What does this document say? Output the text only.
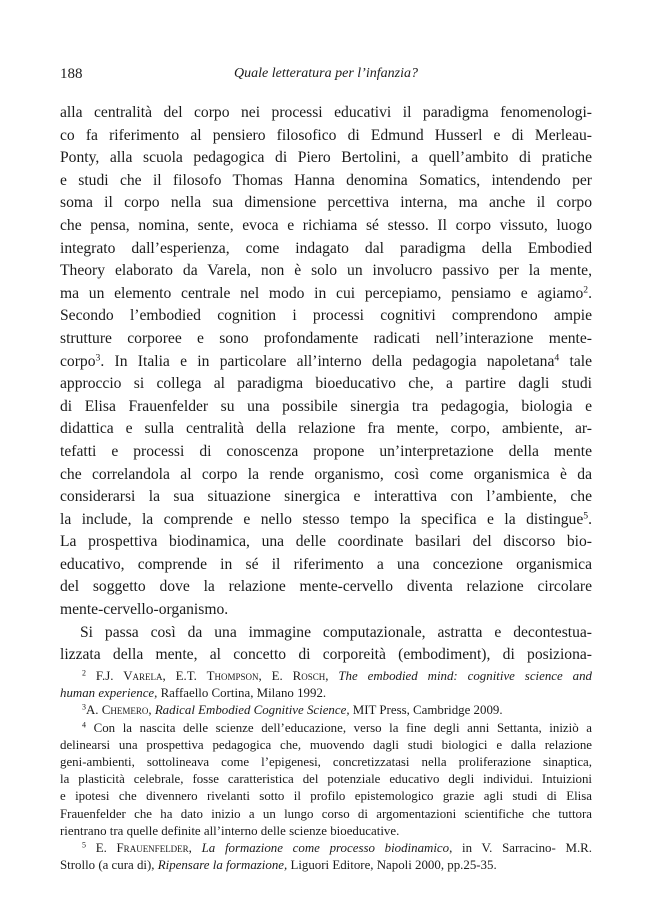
188	Quale letteratura per l’infanzia?
alla centralità del corpo nei processi educativi il paradigma fenomenologi-
co fa riferimento al pensiero filosofico di Edmund Husserl e di Merleau-
Ponty, alla scuola pedagogica di Piero Bertolini, a quell’ambito di pratiche
e studi che il filosofo Thomas Hanna denomina Somatics, intendendo per
soma il corpo nella sua dimensione percettiva interna, ma anche il corpo
che pensa, nomina, sente, evoca e richiama sé stesso. Il corpo vissuto, luogo
integrato dall’esperienza, come indagato dal paradigma della Embodied
Theory elaborato da Varela, non è solo un involucro passivo per la mente,
ma un elemento centrale nel modo in cui percepiamo, pensiamo e agiamo$^2$.
Secondo l’embodied cognition i processi cognitivi comprendono ampie
strutture corporee e sono profondamente radicati nell’interazione mente-
corpo$^3$. In Italia e in particolare all’interno della pedagogia napoletana$^4$ tale
approccio si collega al paradigma bioeducativo che, a partire dagli studi
di Elisa Frauenfelder su una possibile sinergia tra pedagogia, biologia e
didattica e sulla centralità della relazione fra mente, corpo, ambiente, ar-
tefatti e processi di conoscenza propone un’interpretazione della mente
che correlandola al corpo la rende organismo, così come organismica è da
considerarsi la sua situazione sinergica e interattiva con l’ambiente, che
la include, la comprende e nello stesso tempo la specifica e la distingue$^5$.
La prospettiva biodinamica, una delle coordinate basilari del discorso bio-
educativo, comprende in sé il riferimento a una concezione organismica
del soggetto dove la relazione mente-cervello diventa relazione circolare
mente-cervello-organismo.
Si passa così da una immagine computazionale, astratta e decontestua-
lizzata della mente, al concetto di corporeità (embodiment), di posiziona-
$^2$ F.J. Varela, E.T. Thompson, E. Rosch, The embodied mind: cognitive science and
human experience, Raffaello Cortina, Milano 1992.
$^3$A. Chemero, Radical Embodied Cognitive Science, MIT Press, Cambridge 2009.
$^4$ Con la nascita delle scienze dell’educazione, verso la fine degli anni Settanta, iniziò a
delinearsi una prospettiva pedagogica che, muovendo dagli studi biologici e dalla relazione
geni-ambienti, sottolineava come l’epigenesi, concretizzatasi nella proliferazione sinaptica,
la plasticità celebrale, fosse caratteristica del potenziale educativo degli individui. Intuizioni
e ipotesi che divennero rivelanti sotto il profilo epistemologico grazie agli studi di Elisa
Frauenfelder che ha dato inizio a un lungo corso di argomentazioni scientifiche che tuttora
rientrano tra quelle definite all’interno delle scienze bioeducative.
$^5$ E. Frauenfelder, La formazione come processo biodinamico, in V. Sarracino- M.R.
Strollo (a cura di), Ripensare la formazione, Liguori Editore, Napoli 2000, pp.25-35.
